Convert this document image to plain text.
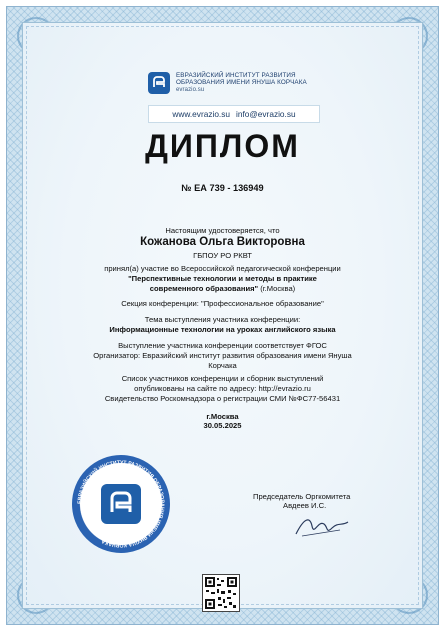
ЕВРАЗИЙСКИЙ ИНСТИТУТ РАЗВИТИЯ
ОБРАЗОВАНИЯ ИМЕНИ ЯНУША КОРЧАКА
evrazio.su
www.evrazio.su info@evrazio.su
ДИПЛОМ
№ ЕА 739 - 136949
Настоящим удостоверяется, что
Кожанова Ольга Викторовна
ГБПОУ РО РКВТ
принял(а) участие во Всероссийской педагогической конференции
"Перспективные технологии и методы в практике
современного образования" (г.Москва)
Секция конференции: "Профессиональное образование"
Тема выступления участника конференции:
Информационные технологии на уроках английского языка
Выступление участника конференции соответствует ФГОС
Организатор: Евразийский институт развития образования имени Януша
Корчака
Список участников конференции и сборник выступлений
опубликованы на сайте по адресу: http://evrazio.ru
Свидетельство Роскомнадзора о регистрации СМИ №ФС77-56431
г.Москва
30.05.2025
ЕВРАЗИЙСКИЙ ИНСТИТУТ РАЗВИТИЯ ОБРАЗОВАНИЯ ИМЕНИ ЯНУША КОРЧАКА
Председатель Оргкомитета
Авдеев И.С.
